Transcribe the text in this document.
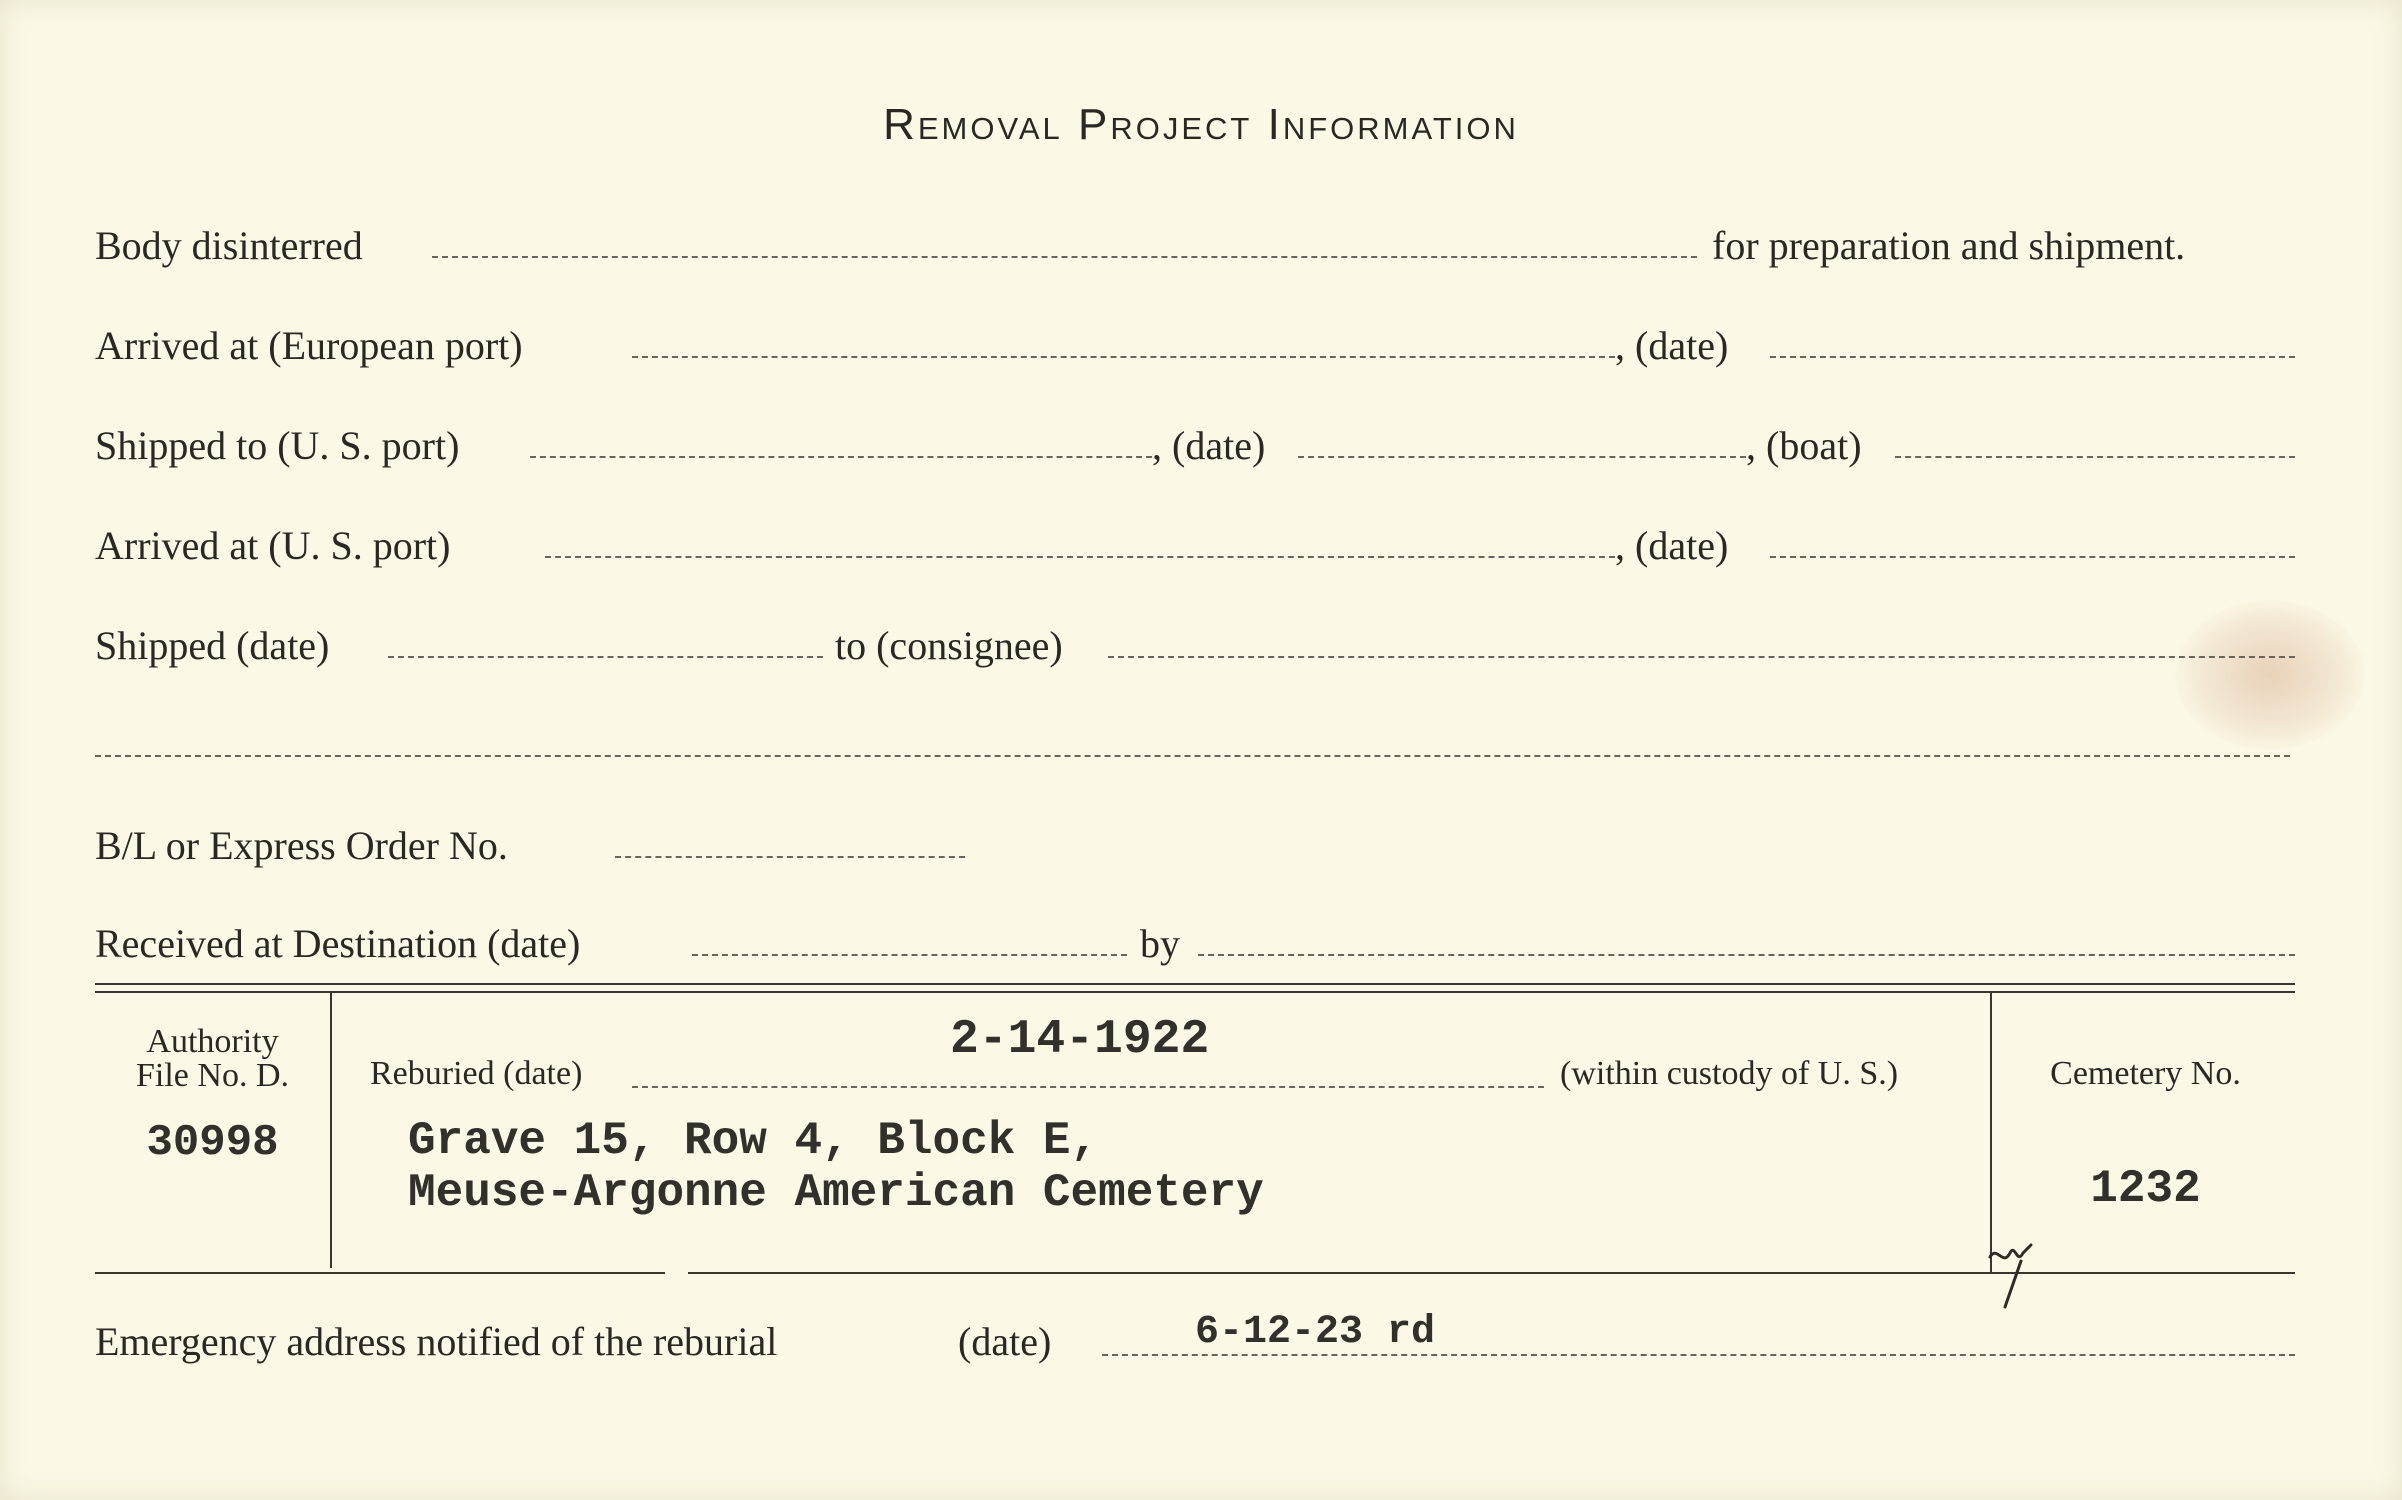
Removal Project Information
Body disinterred	for preparation and shipment.
Arrived at (European port)	, (date)
Shipped to (U. S. port)	, (date)	, (boat)
Arrived at (U. S. port)	, (date)
Shipped (date)	to (consignee)
B/L or Express Order No.
Received at Destination (date)	by
Authority
File No. D.
30998
2-14-1922
Reburied (date)	(within custody of U. S.)
Grave 15, Row 4, Block E,
Meuse-Argonne American Cemetery
Cemetery No.
1232
Emergency address notified of the reburial	(date)	6-12-23 rd
